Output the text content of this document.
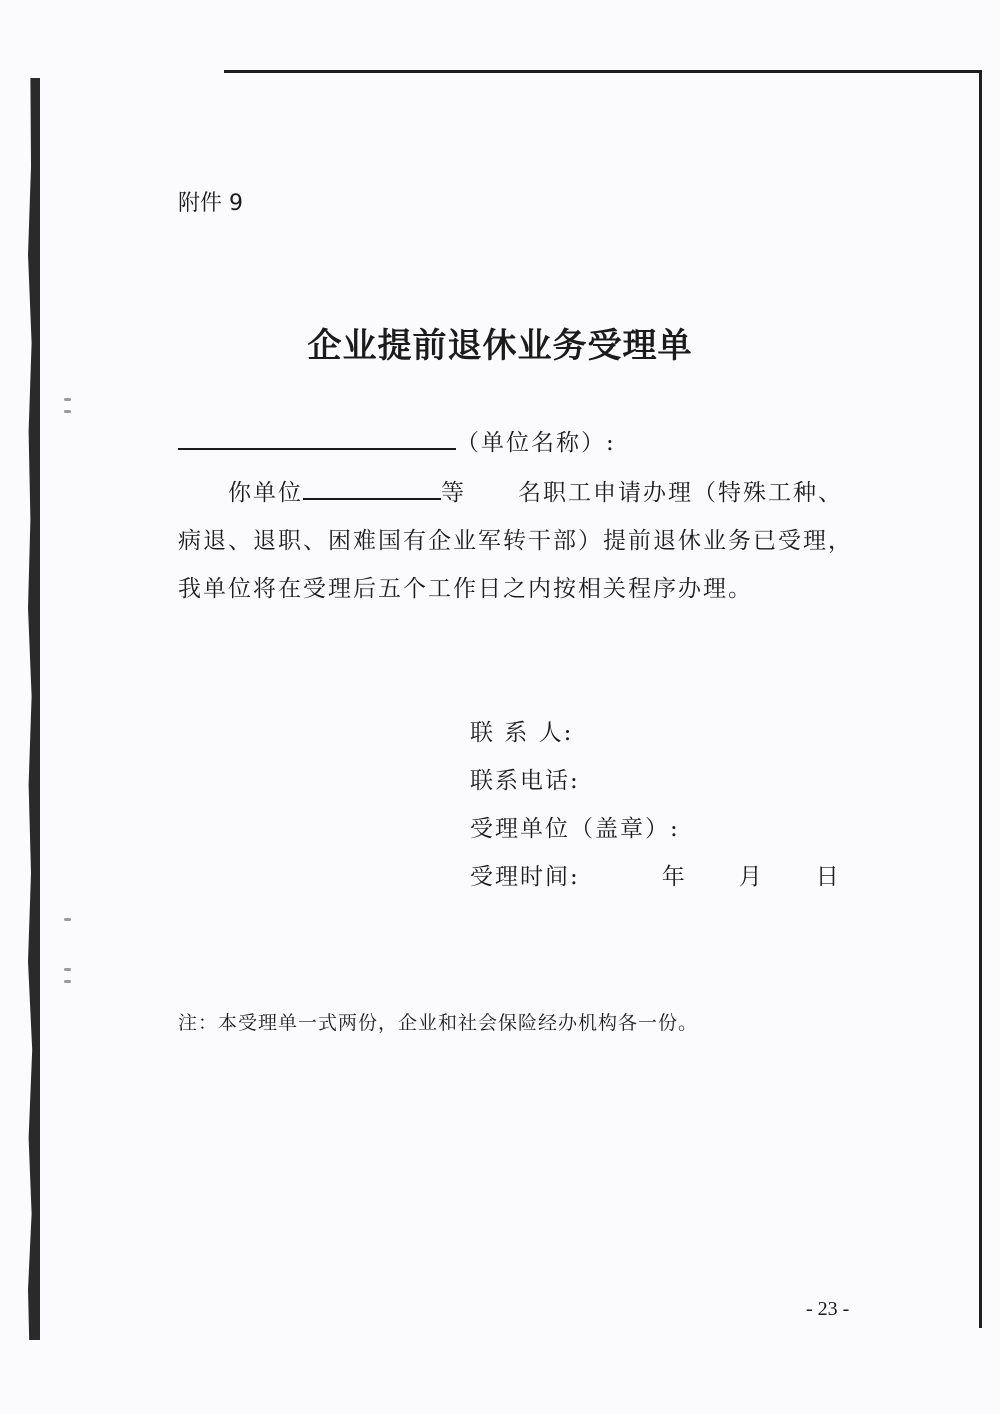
附件 9
企业提前退休业务受理单
（单位名称）:
你单位	等 名职工申请办理（特殊工种、
病退、退职、困难国有企业军转干部）提前退休业务已受理，
我单位将在受理后五个工作日之内按相关程序办理。
联 系 人:
联系电话:
受理单位（盖章）:
受理时间:	年 月 日
注：本受理单一式两份，企业和社会保险经办机构各一份。
- 23 -
